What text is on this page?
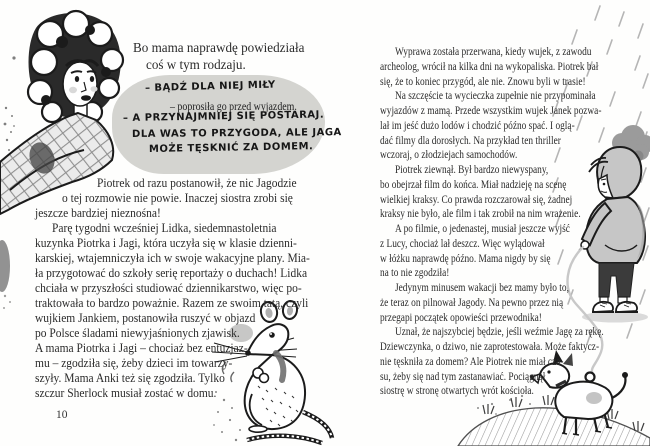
Bo mama naprawdę powiedziała
coś w tym rodzaju.
– BĄDŹ DLA NIEJ MIŁY
– poprosiła go przed wyjazdem.
– A PRZYNAJMNIEJ SIĘ POSTARAJ.
DLA WAS TO PRZYGODA, ALE JAGA
MOŻE TĘSKNIĆ ZA DOMEM.
Piotrek od razu postanowił, że nic Jagodzie
o tej rozmowie nie powie. Inaczej siostra zrobi się
jeszcze bardziej nieznośna!
Parę tygodni wcześniej Lidka, siedemnastoletnia
kuzynka Piotrka i Jagi, która uczyła się w klasie dzienni-
karskiej, wtajemniczyła ich w swoje wakacyjne plany. Mia-
ła przygotować do szkoły serię reportaży o duchach! Lidka
chciała w przyszłości studiować dziennikarstwo, więc po-
traktowała to bardzo poważnie. Razem ze swoim tatą, czyli
wujkiem Jankiem, postanowiła ruszyć w objazd
po Polsce śladami niewyjaśnionych zjawisk.
A mama Piotrka i Jagi – chociaż bez entuzjaz-
mu – zgodziła się, żeby dzieci im towarzy-
szyły. Mama Anki też się zgodziła. Tylko
szczur Sherlock musiał zostać w domu.
10
Wyprawa została przerwana, kiedy wujek, z zawodu
archeolog, wrócił na kilka dni na wykopaliska. Piotrek bał
się, że to koniec przygód, ale nie. Znowu byli w trasie!
Na szczęście ta wycieczka zupełnie nie przypominała
wyjazdów z mamą. Przede wszystkim wujek Janek pozwa-
lał im jeść dużo lodów i chodzić późno spać. I oglą-
dać filmy dla dorosłych. Na przykład ten thriller
wczoraj, o złodziejach samochodów.
Piotrek ziewnął. Był bardzo niewyspany,
bo obejrzał film do końca. Miał nadzieję na scenę
wielkiej kraksy. Co prawda rozczarował się, żadnej
kraksy nie było, ale film i tak zrobił na nim wrażenie.
A po filmie, o jedenastej, musiał jeszcze wyjść
z Lucy, chociaż lał deszcz. Więc wylądował
w łóżku naprawdę późno. Mama nigdy by się
na to nie zgodziła!
Jedynym minusem wakacji bez mamy było to,
że teraz on pilnował Jagody. Na pewno przez nią
przegapi początek opowieści przewodnika!
Uznał, że najszybciej będzie, jeśli weźmie Jagę za rękę.
Dziewczynka, o dziwo, nie zaprotestowała. Może faktycz-
nie tęskniła za domem? Ale Piotrek nie miał cza-
su, żeby się nad tym zastanawiać. Pociągnął
siostrę w stronę otwartych wrót kościoła.
